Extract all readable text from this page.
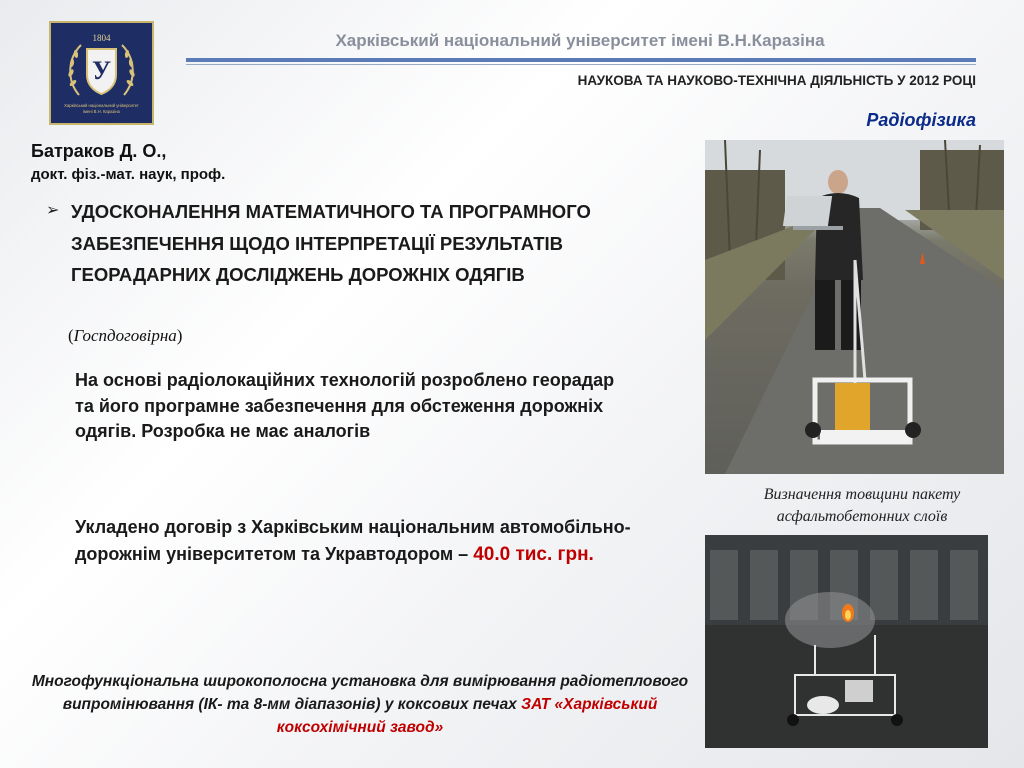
1804
У
Харківський національний університет
імені В.Н. Каразіна
Харківський національний університет імені В.Н.Каразіна
НАУКОВА ТА НАУКОВО-ТЕХНІЧНА ДІЯЛЬНІСТЬ У 2012 РОЦІ
Радіофізика
Батраков Д. О.,
докт. фіз.-мат. наук, проф.
➢ УДОСКОНАЛЕННЯ МАТЕМАТИЧНОГО ТА ПРОГРАМНОГО ЗАБЕЗПЕЧЕННЯ ЩОДО ІНТЕРПРЕТАЦІЇ РЕЗУЛЬТАТІВ ГЕОРАДАРНИХ ДОСЛІДЖЕНЬ ДОРОЖНІХ ОДЯГІВ

(Госпдоговірна)

На основі радіолокаційних технологій розроблено георадар та його програмне забезпечення для обстеження дорожніх одягів. Розробка не має аналогів

Укладено договір з Харківським національним автомобільно-дорожнім університетом та Укравтодором – 40.0 тис. грн.

Визначення товщини пакету асфальтобетонних слоїв

Многофункціональна широкополосна установка для вимірювання радіотеплового випромінювання (ІК- та 8-мм діапазонів) у коксових печах ЗАТ «Харківський коксохімічний завод»
